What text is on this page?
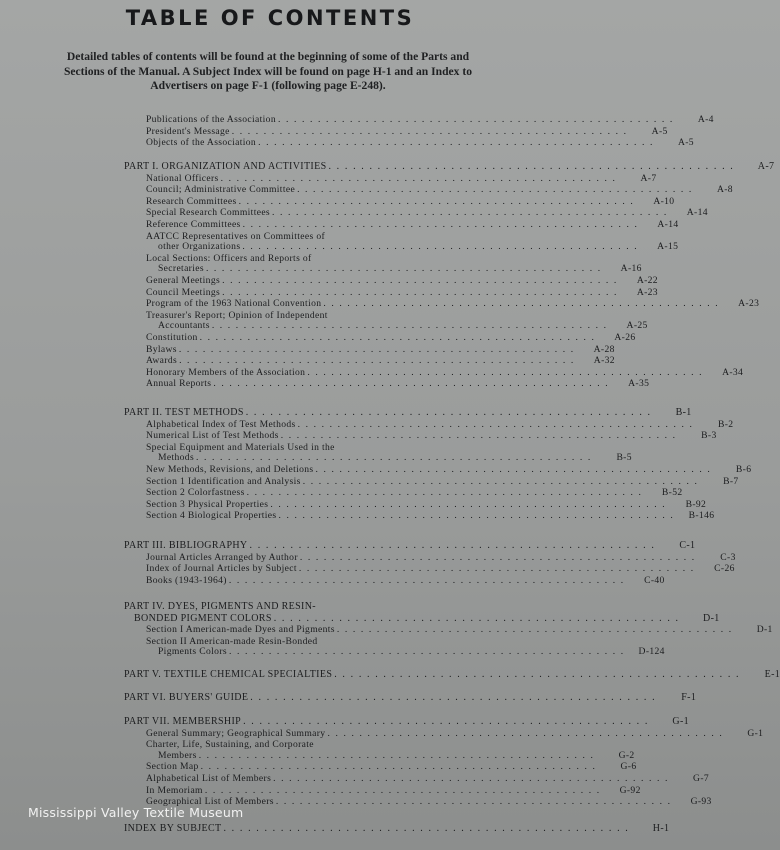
TABLE OF CONTENTS
Detailed tables of contents will be found at the beginning of some of the Parts and
Sections of the Manual. A Subject Index will be found on page H-1 and an Index to
Advertisers on page F-1 (following page E-248).
Publications of the Association . . . . . . . . . . . . . . . . . . . . . . . . . . . . . . . . . . . . . . . . . . . . . . . . . .	A-4
President's Message . . . . . . . . . . . . . . . . . . . . . . . . . . . . . . . . . . . . . . . . . . . . . . . . . .	A-5
Objects of the Association . . . . . . . . . . . . . . . . . . . . . . . . . . . . . . . . . . . . . . . . . . . . . . . . . .	A-5
PART I. ORGANIZATION AND ACTIVITIES . . . . . . . . . . . . . . . . . . . . . . . . . . . . . . . . . . . . . . . . . . . . . . . . . .	A-7
National Officers . . . . . . . . . . . . . . . . . . . . . . . . . . . . . . . . . . . . . . . . . . . . . . . . . .	A-7
Council; Administrative Committee . . . . . . . . . . . . . . . . . . . . . . . . . . . . . . . . . . . . . . . . . . . . . . . . . .	A-8
Research Committees . . . . . . . . . . . . . . . . . . . . . . . . . . . . . . . . . . . . . . . . . . . . . . . . . .	A-10
Special Research Committees . . . . . . . . . . . . . . . . . . . . . . . . . . . . . . . . . . . . . . . . . . . . . . . . . .	A-14
Reference Committees . . . . . . . . . . . . . . . . . . . . . . . . . . . . . . . . . . . . . . . . . . . . . . . . . .	A-14
AATCC Representatives on Committees of
other Organizations . . . . . . . . . . . . . . . . . . . . . . . . . . . . . . . . . . . . . . . . . . . . . . . . . .	A-15
Local Sections: Officers and Reports of
Secretaries . . . . . . . . . . . . . . . . . . . . . . . . . . . . . . . . . . . . . . . . . . . . . . . . . .	A-16
General Meetings . . . . . . . . . . . . . . . . . . . . . . . . . . . . . . . . . . . . . . . . . . . . . . . . . .	A-22
Council Meetings . . . . . . . . . . . . . . . . . . . . . . . . . . . . . . . . . . . . . . . . . . . . . . . . . .	A-23
Program of the 1963 National Convention . . . . . . . . . . . . . . . . . . . . . . . . . . . . . . . . . . . . . . . . . . . . . . . . . .	A-23
Treasurer's Report; Opinion of Independent
Accountants . . . . . . . . . . . . . . . . . . . . . . . . . . . . . . . . . . . . . . . . . . . . . . . . . .	A-25
Constitution . . . . . . . . . . . . . . . . . . . . . . . . . . . . . . . . . . . . . . . . . . . . . . . . . .	A-26
Bylaws . . . . . . . . . . . . . . . . . . . . . . . . . . . . . . . . . . . . . . . . . . . . . . . . . .	A-28
Awards . . . . . . . . . . . . . . . . . . . . . . . . . . . . . . . . . . . . . . . . . . . . . . . . . .	A-32
Honorary Members of the Association . . . . . . . . . . . . . . . . . . . . . . . . . . . . . . . . . . . . . . . . . . . . . . . . . .	A-34
Annual Reports . . . . . . . . . . . . . . . . . . . . . . . . . . . . . . . . . . . . . . . . . . . . . . . . . .	A-35
PART II. TEST METHODS . . . . . . . . . . . . . . . . . . . . . . . . . . . . . . . . . . . . . . . . . . . . . . . . . .	B-1
Alphabetical Index of Test Methods . . . . . . . . . . . . . . . . . . . . . . . . . . . . . . . . . . . . . . . . . . . . . . . . . .	B-2
Numerical List of Test Methods . . . . . . . . . . . . . . . . . . . . . . . . . . . . . . . . . . . . . . . . . . . . . . . . . .	B-3
Special Equipment and Materials Used in the
Methods . . . . . . . . . . . . . . . . . . . . . . . . . . . . . . . . . . . . . . . . . . . . . . . . . .	B-5
New Methods, Revisions, and Deletions . . . . . . . . . . . . . . . . . . . . . . . . . . . . . . . . . . . . . . . . . . . . . . . . . .	B-6
Section 1 Identification and Analysis . . . . . . . . . . . . . . . . . . . . . . . . . . . . . . . . . . . . . . . . . . . . . . . . . .	B-7
Section 2 Colorfastness . . . . . . . . . . . . . . . . . . . . . . . . . . . . . . . . . . . . . . . . . . . . . . . . . .	B-52
Section 3 Physical Properties . . . . . . . . . . . . . . . . . . . . . . . . . . . . . . . . . . . . . . . . . . . . . . . . . .	B-92
Section 4 Biological Properties . . . . . . . . . . . . . . . . . . . . . . . . . . . . . . . . . . . . . . . . . . . . . . . . . .	B-146
PART III. BIBLIOGRAPHY . . . . . . . . . . . . . . . . . . . . . . . . . . . . . . . . . . . . . . . . . . . . . . . . . .	C-1
Journal Articles Arranged by Author . . . . . . . . . . . . . . . . . . . . . . . . . . . . . . . . . . . . . . . . . . . . . . . . . .	C-3
Index of Journal Articles by Subject . . . . . . . . . . . . . . . . . . . . . . . . . . . . . . . . . . . . . . . . . . . . . . . . . .	C-26
Books (1943-1964) . . . . . . . . . . . . . . . . . . . . . . . . . . . . . . . . . . . . . . . . . . . . . . . . . .	C-40
PART IV. DYES, PIGMENTS AND RESIN-
BONDED PIGMENT COLORS . . . . . . . . . . . . . . . . . . . . . . . . . . . . . . . . . . . . . . . . . . . . . . . . . .	D-1
Section I American-made Dyes and Pigments . . . . . . . . . . . . . . . . . . . . . . . . . . . . . . . . . . . . . . . . . . . . . . . . . .	D-1
Section II American-made Resin-Bonded
Pigments Colors . . . . . . . . . . . . . . . . . . . . . . . . . . . . . . . . . . . . . . . . . . . . . . . . . .	D-124
PART V. TEXTILE CHEMICAL SPECIALTIES . . . . . . . . . . . . . . . . . . . . . . . . . . . . . . . . . . . . . . . . . . . . . . . . . .	E-1
PART VI. BUYERS' GUIDE . . . . . . . . . . . . . . . . . . . . . . . . . . . . . . . . . . . . . . . . . . . . . . . . . .	F-1
PART VII. MEMBERSHIP . . . . . . . . . . . . . . . . . . . . . . . . . . . . . . . . . . . . . . . . . . . . . . . . . .	G-1
General Summary; Geographical Summary . . . . . . . . . . . . . . . . . . . . . . . . . . . . . . . . . . . . . . . . . . . . . . . . . .	G-1
Charter, Life, Sustaining, and Corporate
Members . . . . . . . . . . . . . . . . . . . . . . . . . . . . . . . . . . . . . . . . . . . . . . . . . .	G-2
Section Map . . . . . . . . . . . . . . . . . . . . . . . . . . . . . . . . . . . . . . . . . . . . . . . . . .	G-6
Alphabetical List of Members . . . . . . . . . . . . . . . . . . . . . . . . . . . . . . . . . . . . . . . . . . . . . . . . . .	G-7
In Memoriam . . . . . . . . . . . . . . . . . . . . . . . . . . . . . . . . . . . . . . . . . . . . . . . . . .	G-92
Geographical List of Members . . . . . . . . . . . . . . . . . . . . . . . . . . . . . . . . . . . . . . . . . . . . . . . . . .	G-93
INDEX BY SUBJECT . . . . . . . . . . . . . . . . . . . . . . . . . . . . . . . . . . . . . . . . . . . . . . . . . .	H-1
Mississippi Valley Textile Museum
